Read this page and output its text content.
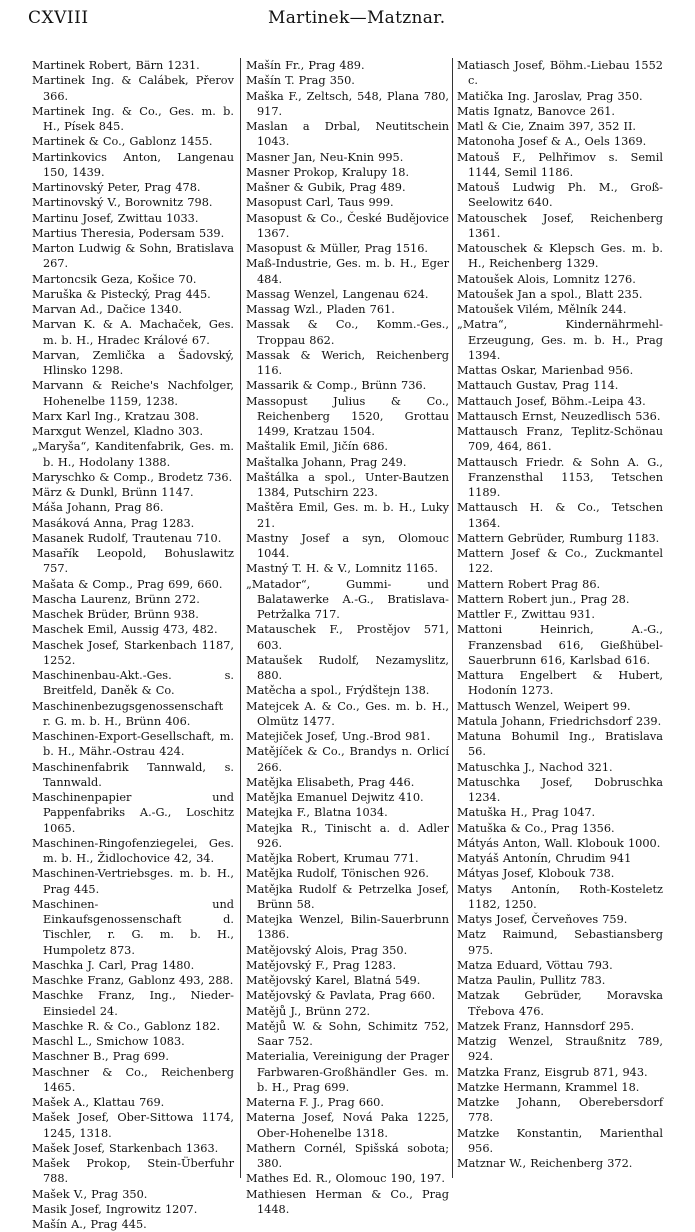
CXVIII	Martinek—Matznar.
Martinek Robert, Bärn 1231.
Martinek Ing. & Calábek, Přerov 366.
Martinek Ing. & Co., Ges. m. b. H., Písek 845.
Martinek & Co., Gablonz 1455.
Martinkovics Anton, Langenau 150, 1439.
Martinovský Peter, Prag 478.
Martinovský V., Borownitz 798.
Martinu Josef, Zwittau 1033.
Martius Theresia, Podersam 539.
Marton Ludwig & Sohn, Bratislava 267.
Martoncsik Geza, Košice 70.
Maruška & Pistecký, Prag 445.
Marvan Ad., Dačice 1340.
Marvan K. & A. Machaček, Ges. m. b. H., Hradec Králové 67.
Marvan, Zemlička a Šadovský, Hlinsko 1298.
Marvann & Reiche's Nachfolger, Hohenelbe 1159, 1238.
Marx Karl Ing., Kratzau 308.
Marxgut Wenzel, Kladno 303.
„Maryša“, Kanditenfabrik, Ges. m. b. H., Hodolany 1388.
Maryschko & Comp., Brodetz 736.
März & Dunkl, Brünn 1147.
Máša Johann, Prag 86.
Masáková Anna, Prag 1283.
Masanek Rudolf, Trautenau 710.
Masařík Leopold, Bohuslawitz 757.
Mašata & Comp., Prag 699, 660.
Mascha Laurenz, Brünn 272.
Maschek Brüder, Brünn 938.
Maschek Emil, Aussig 473, 482.
Maschek Josef, Starkenbach 1187, 1252.
Maschinenbau-Akt.-Ges. s. Breitfeld, Daněk & Co.
Maschinenbezugsgenossenschaft r. G. m. b. H., Brünn 406.
Maschinen-Export-Gesellschaft, m. b. H., Mähr.-Ostrau 424.
Maschinenfabrik Tannwald, s. Tannwald.
Maschinenpapier und Pappenfabriks A.-G., Loschitz 1065.
Maschinen-Ringofenziegelei, Ges. m. b. H., Židlochovice 42, 34.
Maschinen-Vertriebsges. m. b. H., Prag 445.
Maschinen- und Einkaufsgenossenschaft d. Tischler, r. G. m. b. H., Humpoletz 873.
Maschka J. Carl, Prag 1480.
Maschke Franz, Gablonz 493, 288.
Maschke Franz, Ing., Nieder-Einsiedel 24.
Maschke R. & Co., Gablonz 182.
Maschl L., Smichow 1083.
Maschner B., Prag 699.
Maschner & Co., Reichenberg 1465.
Mašek A., Klattau 769.
Mašek Josef, Ober-Sittowa 1174, 1245, 1318.
Mašek Josef, Starkenbach 1363.
Mašek Prokop, Stein-Überfuhr 788.
Mašek V., Prag 350.
Masik Josef, Ingrowitz 1207.
Mašín A., Prag 445.
Mašín Fr., Prag 489.
Mašín T. Prag 350.
Maška F., Zeltsch, 548, Plana 780, 917.
Maslan a Drbal, Neutitschein 1043.
Masner Jan, Neu-Knin 995.
Masner Prokop, Kralupy 18.
Mašner & Gubik, Prag 489.
Masopust Carl, Taus 999.
Masopust & Co., České Budějovice 1367.
Masopust & Müller, Prag 1516.
Maß-Industrie, Ges. m. b. H., Eger 484.
Massag Wenzel, Langenau 624.
Massag Wzl., Pladen 761.
Massak & Co., Komm.-Ges., Troppau 862.
Massak & Werich, Reichenberg 116.
Massarik & Comp., Brünn 736.
Massopust Julius & Co., Reichenberg 1520, Grottau 1499, Kratzau 1504.
Maštalik Emil, Jičín 686.
Maštalka Johann, Prag 249.
Maštálka a spol., Unter-Bautzen 1384, Putschirn 223.
Maštěra Emil, Ges. m. b. H., Luky 21.
Mastny Josef a syn, Olomouc 1044.
Mastný T. H. & V., Lomnitz 1165.
„Matador“, Gummi- und Balatawerke A.-G., Bratislava-Petržalka 717.
Matauschek F., Prostějov 571, 603.
Mataušek Rudolf, Nezamyslitz, 880.
Matěcha a spol., Frýdštejn 138.
Matejcek A. & Co., Ges. m. b. H., Olmütz 1477.
Matejiček Josef, Ung.-Brod 981.
Matějíček & Co., Brandys n. Orlicí 266.
Matějka Elisabeth, Prag 446.
Matějka Emanuel Dejwitz 410.
Matejka F., Blatna 1034.
Matejka R., Tinischt a. d. Adler 926.
Matějka Robert, Krumau 771.
Matějka Rudolf, Tönischen 926.
Matějka Rudolf & Petrzelka Josef, Brünn 58.
Matejka Wenzel, Bilin-Sauerbrunn 1386.
Matějovský Alois, Prag 350.
Matějovský F., Prag 1283.
Matějovský Karel, Blatná 549.
Matějovský & Pavlata, Prag 660.
Matějů J., Brünn 272.
Matějů W. & Sohn, Schimitz 752, Saar 752.
Materialia, Vereinigung der Prager Farbwaren-Großhändler Ges. m. b. H., Prag 699.
Materna F. J., Prag 660.
Materna Josef, Nová Paka 1225, Ober-Hohenelbe 1318.
Mathern Cornél, Spišská sobota; 380.
Mathes Ed. R., Olomouc 190, 197.
Mathiesen Herman & Co., Prag 1448.
Matiasch Josef, Böhm.-Liebau 1552 c.
Matička Ing. Jaroslav, Prag 350.
Matis Ignatz, Banovce 261.
Matl & Cie, Znaim 397, 352 II.
Matonoha Josef & A., Oels 1369.
Matouš F., Pelhřimov s. Semil 1144, Semil 1186.
Matouš Ludwig Ph. M., Groß-Seelowitz 640.
Matouschek Josef, Reichenberg 1361.
Matouschek & Klepsch Ges. m. b. H., Reichenberg 1329.
Matoušek Alois, Lomnitz 1276.
Matoušek Jan a spol., Blatt 235.
Matoušek Vilém, Mělník 244.
„Matra“, Kindernährmehl-Erzeugung, Ges. m. b. H., Prag 1394.
Mattas Oskar, Marienbad 956.
Mattauch Gustav, Prag 114.
Mattauch Josef, Böhm.-Leipa 43.
Mattausch Ernst, Neuzedlisch 536.
Mattausch Franz, Teplitz-Schönau 709, 464, 861.
Mattausch Friedr. & Sohn A. G., Franzensthal 1153, Tetschen 1189.
Mattausch H. & Co., Tetschen 1364.
Mattern Gebrüder, Rumburg 1183.
Mattern Josef & Co., Zuckmantel 122.
Mattern Robert Prag 86.
Mattern Robert jun., Prag 28.
Mattler F., Zwittau 931.
Mattoni Heinrich, A.-G., Franzensbad 616, Gießhübel-Sauerbrunn 616, Karlsbad 616.
Mattura Engelbert & Hubert, Hodonín 1273.
Mattusch Wenzel, Weipert 99.
Matula Johann, Friedrichsdorf 239.
Matuna Bohumil Ing., Bratislava 56.
Matuschka J., Nachod 321.
Matuschka Josef, Dobruschka 1234.
Matuška H., Prag 1047.
Matuška & Co., Prag 1356.
Mátyás Anton, Wall. Klobouk 1000.
Matyáš Antonín, Chrudim 941
Mátyas Josef, Klobouk 738.
Matys Antonín, Roth-Kosteletz 1182, 1250.
Matys Josef, Červeňoves 759.
Matz Raimund, Sebastiansberg 975.
Matza Eduard, Vöttau 793.
Matza Paulin, Pullitz 783.
Matzak Gebrüder, Moravska Třebova 476.
Matzek Franz, Hannsdorf 295.
Matzig Wenzel, Straußnitz 789, 924.
Matzka Franz, Eisgrub 871, 943.
Matzke Hermann, Krammel 18.
Matzke Johann, Oberebersdorf 778.
Matzke Konstantin, Marienthal 956.
Matznar W., Reichenberg 372.
